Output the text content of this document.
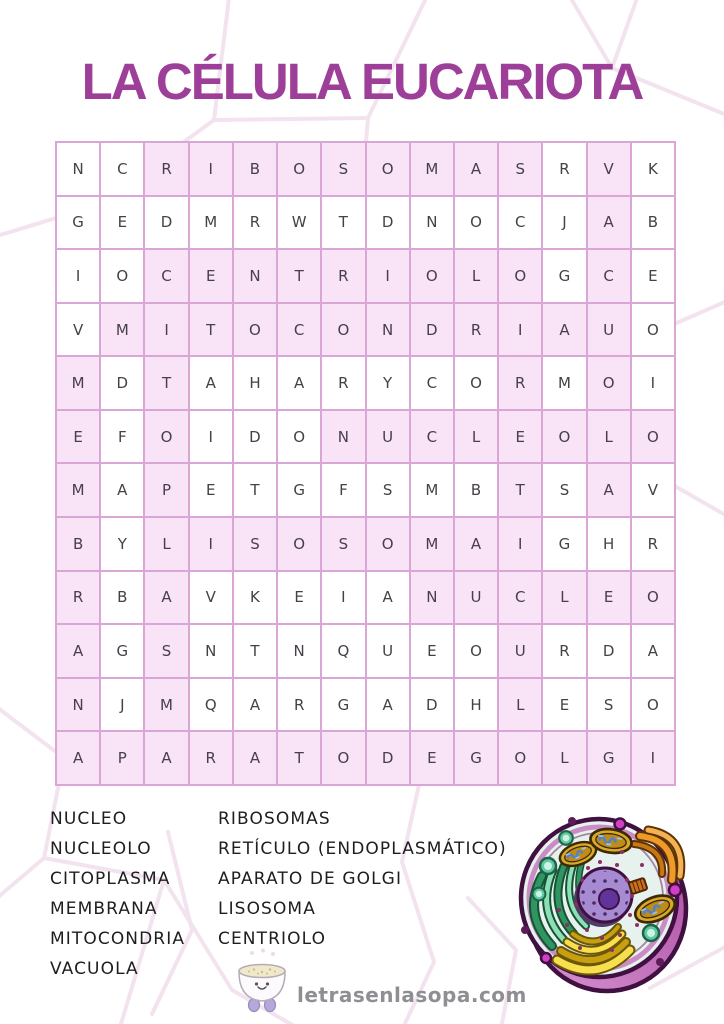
LA CÉLULA EUCARIOTA
N	C	R	I	B	O	S	O	M	A	S	R	V	K
G	E	D	M	R	W	T	D	N	O	C	J	A	B
I	O	C	E	N	T	R	I	O	L	O	G	C	E
V	M	I	T	O	C	O	N	D	R	I	A	U	O
M	D	T	A	H	A	R	Y	C	O	R	M	O	I
E	F	O	I	D	O	N	U	C	L	E	O	L	O
M	A	P	E	T	G	F	S	M	B	T	S	A	V
B	Y	L	I	S	O	S	O	M	A	I	G	H	R
R	B	A	V	K	E	I	A	N	U	C	L	E	O
A	G	S	N	T	N	Q	U	E	O	U	R	D	A
N	J	M	Q	A	R	G	A	D	H	L	E	S	O
A	P	A	R	A	T	O	D	E	G	O	L	G	I
NUCLEO
NUCLEOLO
CITOPLASMA
MEMBRANA
MITOCONDRIA
VACUOLA
RIBOSOMAS
RETÍCULO (ENDOPLASMÁTICO)
APARATO DE GOLGI
LISOSOMA
CENTRIOLO
letrasenlasopa.com
